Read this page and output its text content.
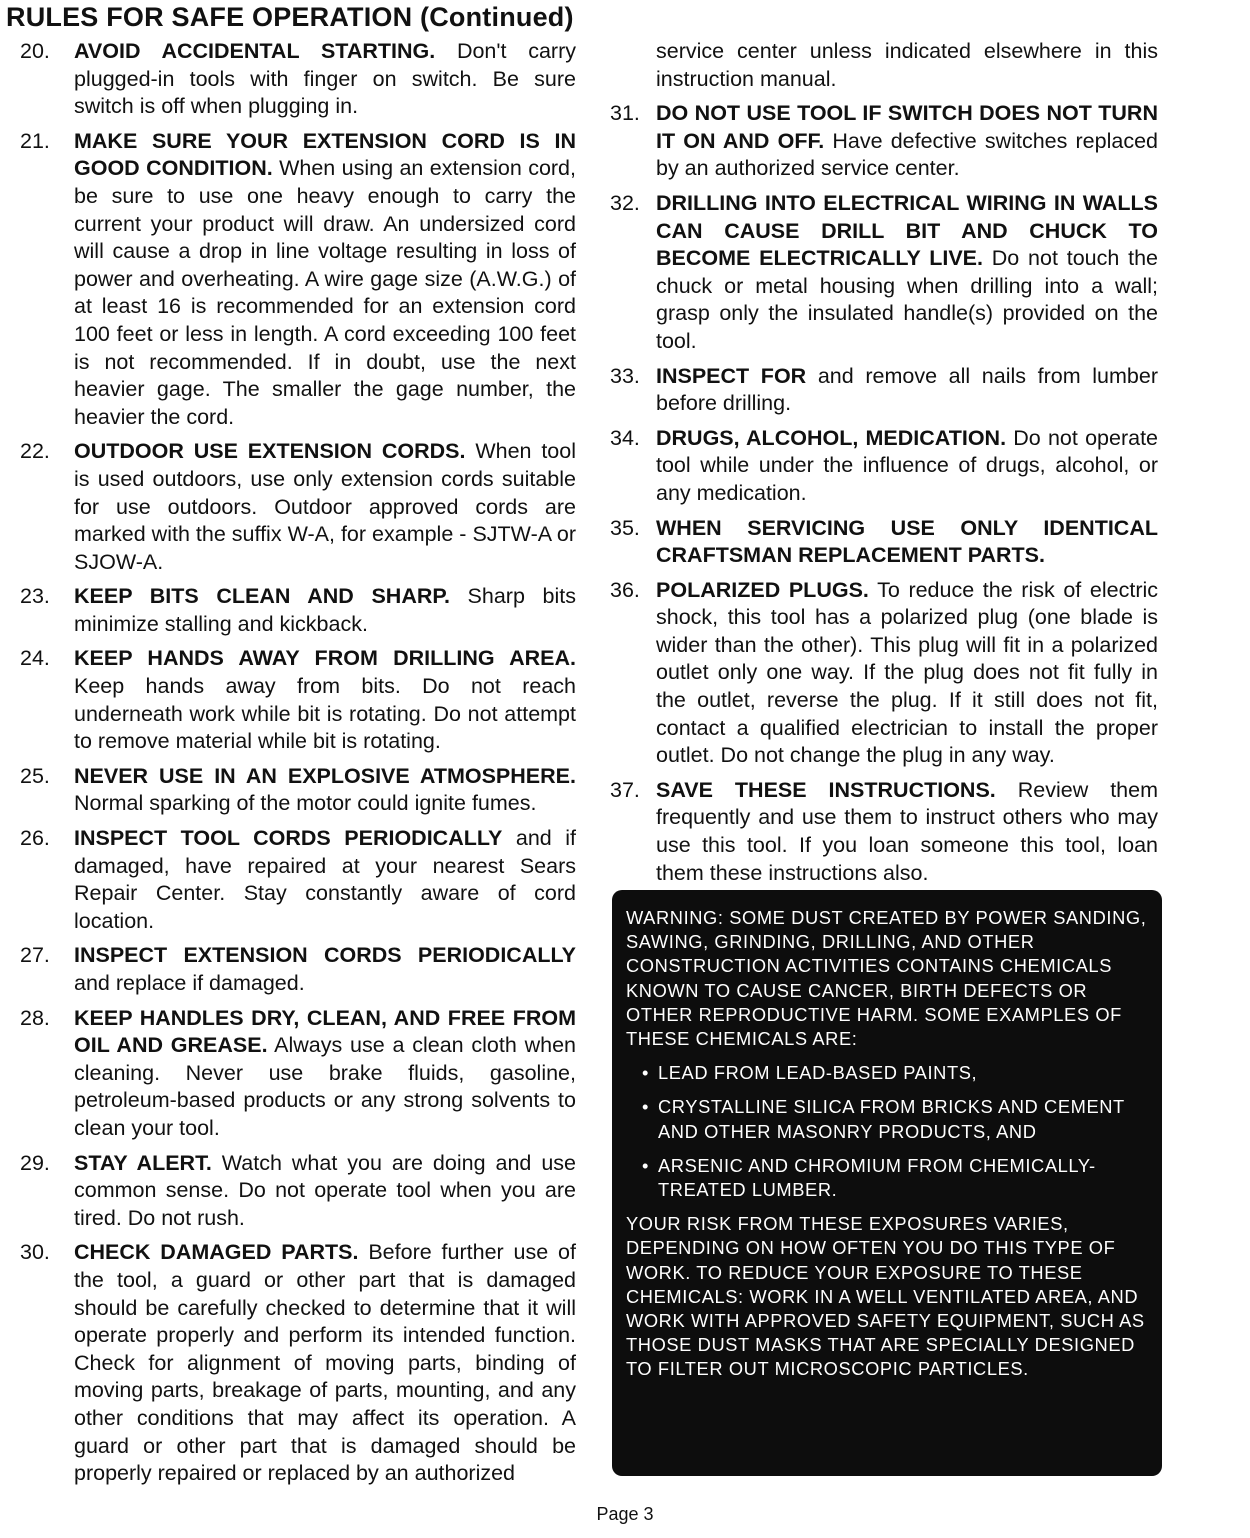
RULES FOR SAFE OPERATION (Continued)
20. AVOID ACCIDENTAL STARTING. Don't carry plugged-in tools with finger on switch. Be sure switch is off when plugging in.
21. MAKE SURE YOUR EXTENSION CORD IS IN GOOD CONDITION. When using an extension cord, be sure to use one heavy enough to carry the current your product will draw. An undersized cord will cause a drop in line voltage resulting in loss of power and overheating. A wire gage size (A.W.G.) of at least 16 is recommended for an extension cord 100 feet or less in length. A cord exceeding 100 feet is not recommended. If in doubt, use the next heavier gage. The smaller the gage number, the heavier the cord.
22. OUTDOOR USE EXTENSION CORDS. When tool is used outdoors, use only extension cords suitable for use outdoors. Outdoor approved cords are marked with the suffix W-A, for example - SJTW-A or SJOW-A.
23. KEEP BITS CLEAN AND SHARP. Sharp bits minimize stalling and kickback.
24. KEEP HANDS AWAY FROM DRILLING AREA. Keep hands away from bits. Do not reach underneath work while bit is rotating. Do not attempt to remove material while bit is rotating.
25. NEVER USE IN AN EXPLOSIVE ATMOSPHERE. Normal sparking of the motor could ignite fumes.
26. INSPECT TOOL CORDS PERIODICALLY and if damaged, have repaired at your nearest Sears Repair Center. Stay constantly aware of cord location.
27. INSPECT EXTENSION CORDS PERIODICALLY and replace if damaged.
28. KEEP HANDLES DRY, CLEAN, AND FREE FROM OIL AND GREASE. Always use a clean cloth when cleaning. Never use brake fluids, gasoline, petroleum-based products or any strong solvents to clean your tool.
29. STAY ALERT. Watch what you are doing and use common sense. Do not operate tool when you are tired. Do not rush.
30. CHECK DAMAGED PARTS. Before further use of the tool, a guard or other part that is damaged should be carefully checked to determine that it will operate properly and perform its intended function. Check for alignment of moving parts, binding of moving parts, breakage of parts, mounting, and any other conditions that may affect its operation. A guard or other part that is damaged should be properly repaired or replaced by an authorized
service center unless indicated elsewhere in this instruction manual.
31. DO NOT USE TOOL IF SWITCH DOES NOT TURN IT ON AND OFF. Have defective switches replaced by an authorized service center.
32. DRILLING INTO ELECTRICAL WIRING IN WALLS CAN CAUSE DRILL BIT AND CHUCK TO BECOME ELECTRICALLY LIVE. Do not touch the chuck or metal housing when drilling into a wall; grasp only the insulated handle(s) provided on the tool.
33. INSPECT FOR and remove all nails from lumber before drilling.
34. DRUGS, ALCOHOL, MEDICATION. Do not operate tool while under the influence of drugs, alcohol, or any medication.
35. WHEN SERVICING USE ONLY IDENTICAL CRAFTSMAN REPLACEMENT PARTS.
36. POLARIZED PLUGS. To reduce the risk of electric shock, this tool has a polarized plug (one blade is wider than the other). This plug will fit in a polarized outlet only one way. If the plug does not fit fully in the outlet, reverse the plug. If it still does not fit, contact a qualified electrician to install the proper outlet. Do not change the plug in any way.
37. SAVE THESE INSTRUCTIONS. Review them frequently and use them to instruct others who may use this tool. If you loan someone this tool, loan them these instructions also.

WARNING: SOME DUST CREATED BY POWER SANDING, SAWING, GRINDING, DRILLING, AND OTHER CONSTRUCTION ACTIVITIES CONTAINS CHEMICALS KNOWN TO CAUSE CANCER, BIRTH DEFECTS OR OTHER REPRODUCTIVE HARM. SOME EXAMPLES OF THESE CHEMICALS ARE:

• LEAD FROM LEAD-BASED PAINTS,
• CRYSTALLINE SILICA FROM BRICKS AND CEMENT AND OTHER MASONRY PRODUCTS, AND
• ARSENIC AND CHROMIUM FROM CHEMICALLY-TREATED LUMBER.

YOUR RISK FROM THESE EXPOSURES VARIES, DEPENDING ON HOW OFTEN YOU DO THIS TYPE OF WORK. TO REDUCE YOUR EXPOSURE TO THESE CHEMICALS: WORK IN A WELL VENTILATED AREA, AND WORK WITH APPROVED SAFETY EQUIPMENT, SUCH AS THOSE DUST MASKS THAT ARE SPECIALLY DESIGNED TO FILTER OUT MICROSCOPIC PARTICLES.

Page 3
